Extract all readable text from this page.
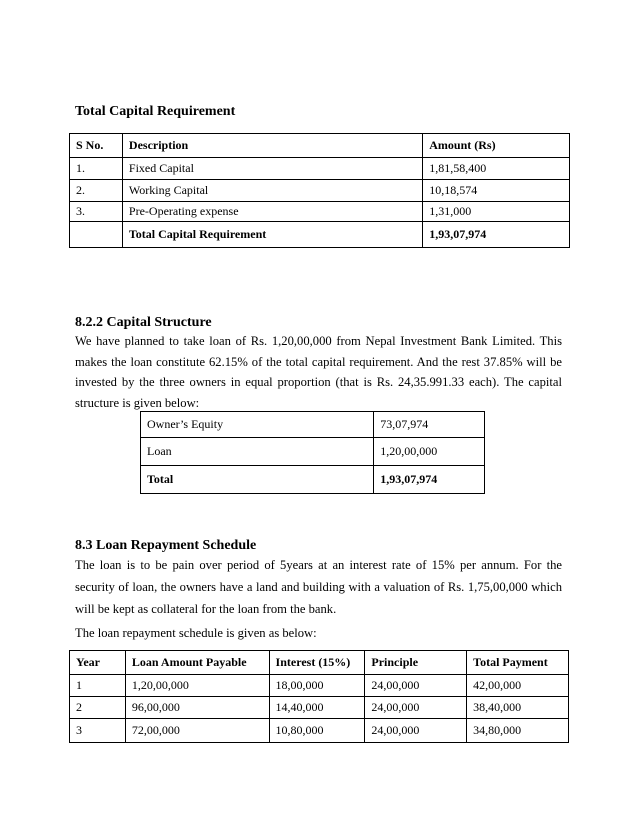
Total Capital Requirement
S No.	Description	Amount (Rs)
1.	Fixed Capital	1,81,58,400
2.	Working Capital	10,18,574
3.	Pre-Operating expense	1,31,000
	Total Capital Requirement	1,93,07,974
8.2.2 Capital Structure

We have planned to take loan of Rs. 1,20,00,000 from Nepal Investment Bank Limited. This makes the loan constitute 62.15% of the total capital requirement. And the rest 37.85% will be invested by the three owners in equal proportion (that is Rs. 24,35.991.33 each). The capital structure is given below:

Owner’s Equity	73,07,974
Loan	1,20,00,000
Total	1,93,07,974
8.3 Loan Repayment Schedule

The loan is to be pain over period of 5years at an interest rate of 15% per annum. For the security of loan, the owners have a land and building with a valuation of Rs. 1,75,00,000 which will be kept as collateral for the loan from the bank.

The loan repayment schedule is given as below:

Year	Loan Amount Payable	Interest (15%)	Principle	Total Payment
1	1,20,00,000	18,00,000	24,00,000	42,00,000
2	96,00,000	14,40,000	24,00,000	38,40,000
3	72,00,000	10,80,000	24,00,000	34,80,000
